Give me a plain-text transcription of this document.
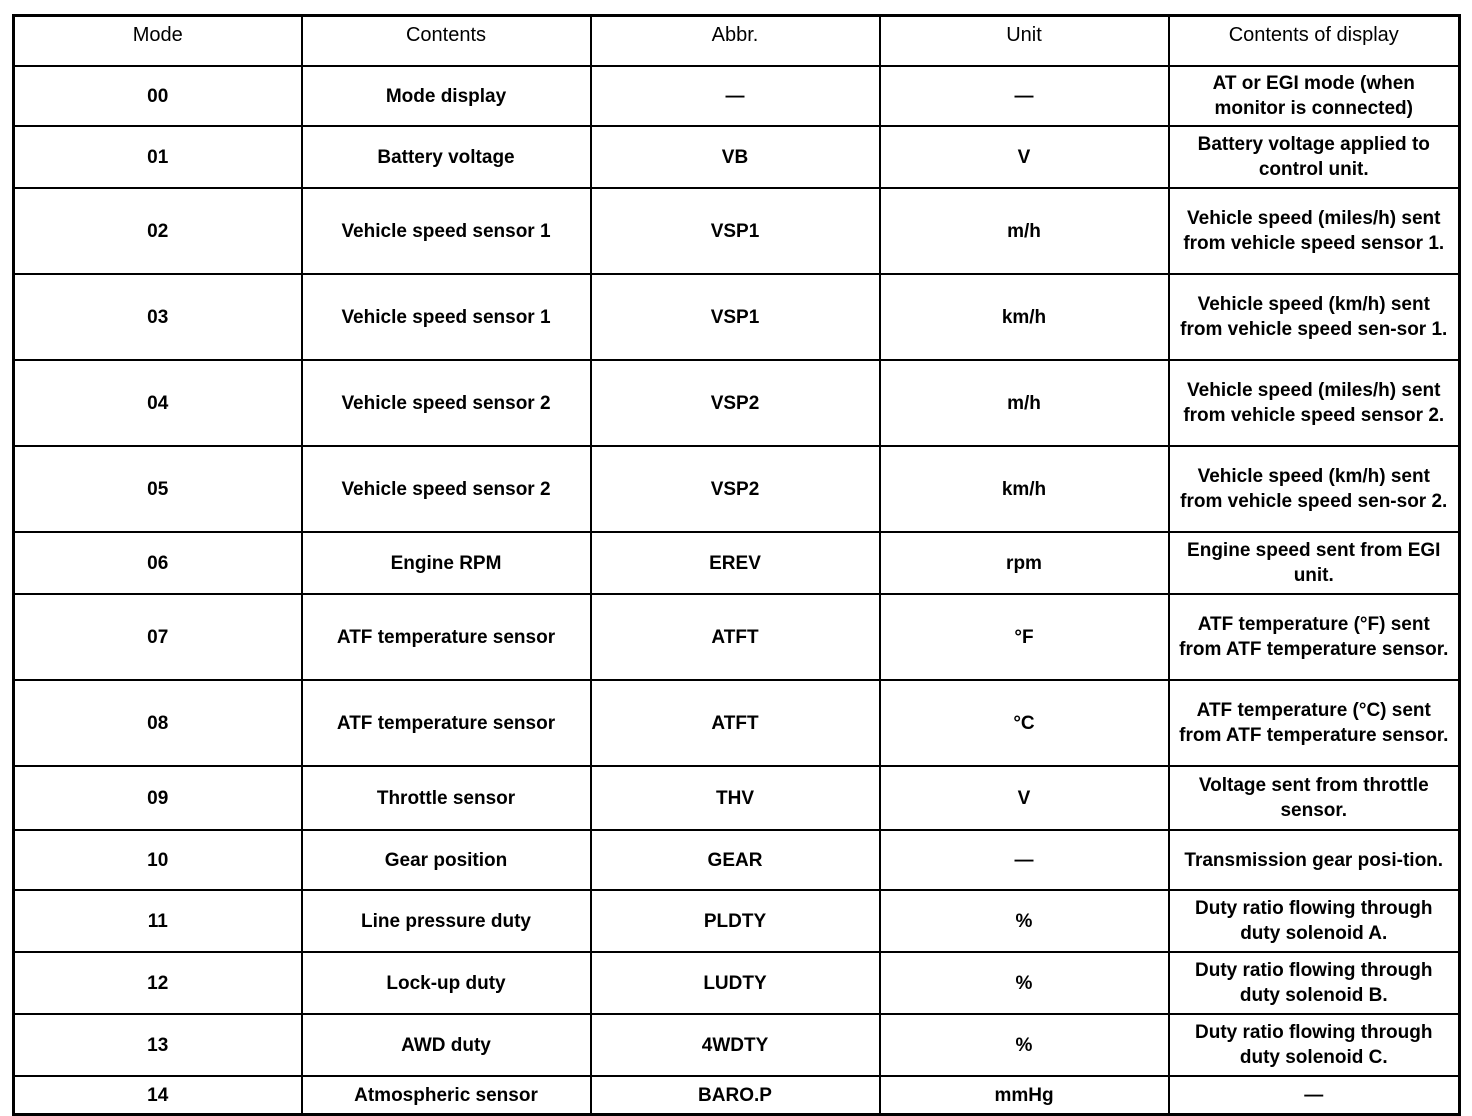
Mode	Contents	Abbr.	Unit	Contents of display
00	Mode display	—	—	AT or EGI mode (when monitor is connected)
01	Battery voltage	VB	V	Battery voltage applied to control unit.
02	Vehicle speed sensor 1	VSP1	m/h	Vehicle speed (miles/h) sent from vehicle speed sensor 1.
03	Vehicle speed sensor 1	VSP1	km/h	Vehicle speed (km/h) sent from vehicle speed sen-sor 1.
04	Vehicle speed sensor 2	VSP2	m/h	Vehicle speed (miles/h) sent from vehicle speed sensor 2.
05	Vehicle speed sensor 2	VSP2	km/h	Vehicle speed (km/h) sent from vehicle speed sen-sor 2.
06	Engine RPM	EREV	rpm	Engine speed sent from EGI unit.
07	ATF temperature sensor	ATFT	°F	ATF temperature (°F) sent from ATF temperature sensor.
08	ATF temperature sensor	ATFT	°C	ATF temperature (°C) sent from ATF temperature sensor.
09	Throttle sensor	THV	V	Voltage sent from throttle sensor.
10	Gear position	GEAR	—	Transmission gear posi-tion.
11	Line pressure duty	PLDTY	%	Duty ratio flowing through duty solenoid A.
12	Lock-up duty	LUDTY	%	Duty ratio flowing through duty solenoid B.
13	AWD duty	4WDTY	%	Duty ratio flowing through duty solenoid C.
14	Atmospheric sensor	BARO.P	mmHg	—
